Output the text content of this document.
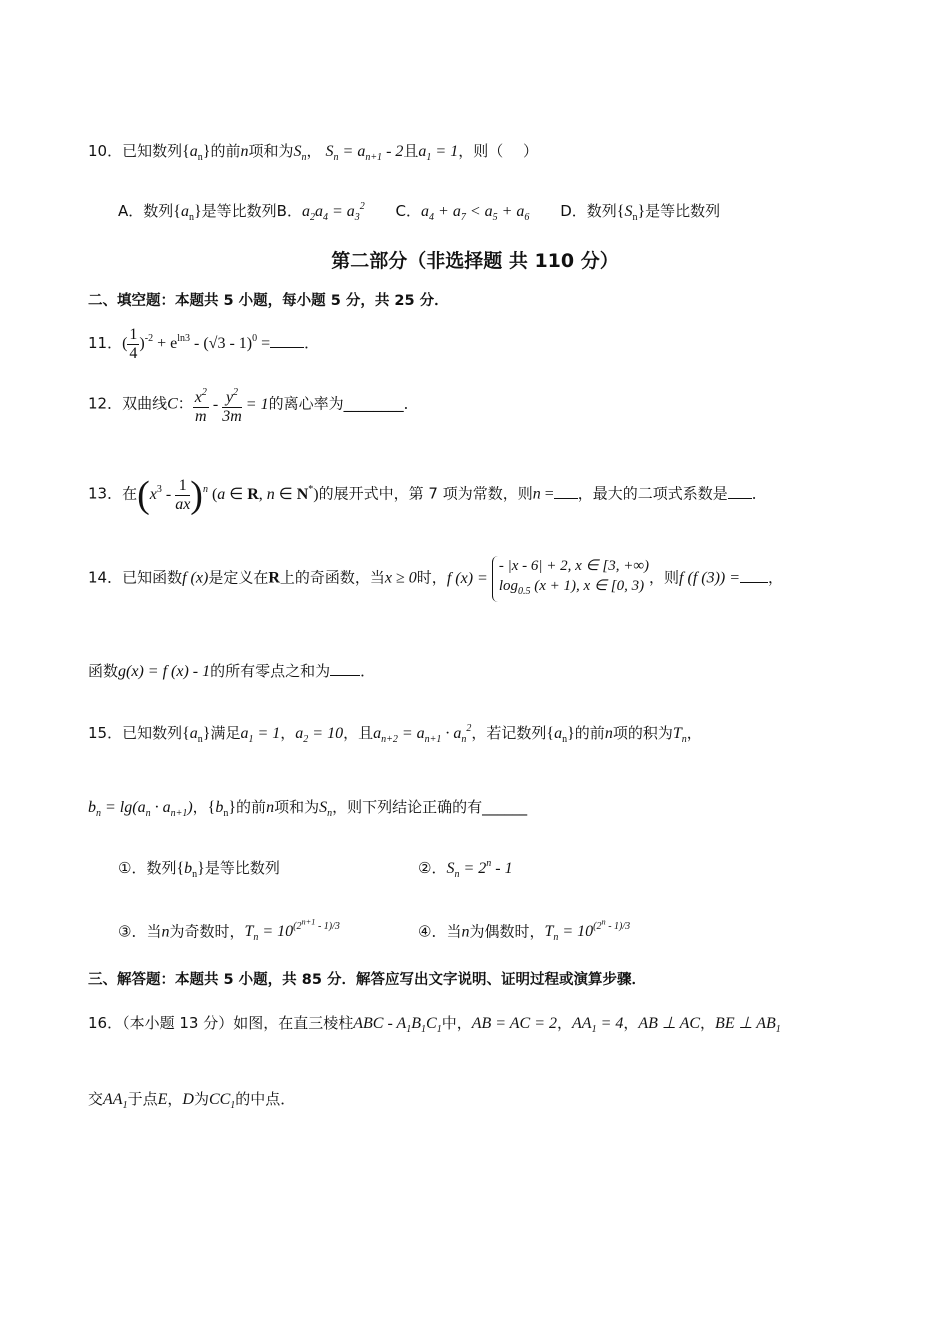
10．已知数列$\{a_n\}$的前n项和为$S_n$， $S_n = a_{n+1} - 2$且$a_1 = 1$，则（　 ）
A．数列$\{a_n\}$是等比数列B．$a_2a_4 = a_3^2$ C．$a_4 + a_7 < a_5 + a_6$ D．数列$\{S_n\}$是等比数列
第二部分（非选择题 共 110 分）
二、填空题：本题共 5 小题，每小题 5 分，共 25 分．
11．( $\frac{1}{4} )^{-2} + e^{ln3} - (√3 - 1)^0$ = ．
12．双曲线C： $\frac{x^2}{m} - \frac{y^2}{3m} = 1$的离心率为________．
13．在$(x^3 - \frac{1}{ax} )^n$ (a ∈ R, n ∈ N*)的展开式中，第 7 项为常数，则n = ，最大的二项式系数是 ．
14．已知函数f (x)是定义在R上的奇函数，当x ≥ 0时，f (x) = - |x - 6| + 2, x ∈ [3, +∞)
$\log_{0.5} (x + 1)$, x ∈ [0, 3) ，则f (f (3)) = ，
函数g(x) = f (x) - 1的所有零点之和为 ．
15．已知数列$\{a_n\}$满足$a_1 = 1$，$a_2 = 10$，且$a_{n+2} = a_{n+1} \cdot a_n^2$，若记数列$\{a_n\}$的前n项的积为$T_n$，
$b_n = \lg(a_n \cdot a_{n+1})$，$\{b_n\}$的前n项和为$S_n$，则下列结论正确的有______
①．数列$\{b_n\}$是等比数列	②．$S_n = 2^n - 1$
③．当n为奇数时，$T_n = 10^{(2^{n+1} - 1)/3}$	④．当n为偶数时，$T_n = 10^{(2^n - 1)/3}$
三、解答题：本题共 5 小题，共 85 分．解答应写出文字说明、证明过程或演算步骤．
16．（本小题 13 分）如图，在直三棱柱ABC - $A_1B_1C_1$中，AB = AC = 2，$AA_1 = 4$，AB ⊥ AC，BE ⊥ $AB_1$
交$AA_1$于点E，D为$CC_1$的中点．
